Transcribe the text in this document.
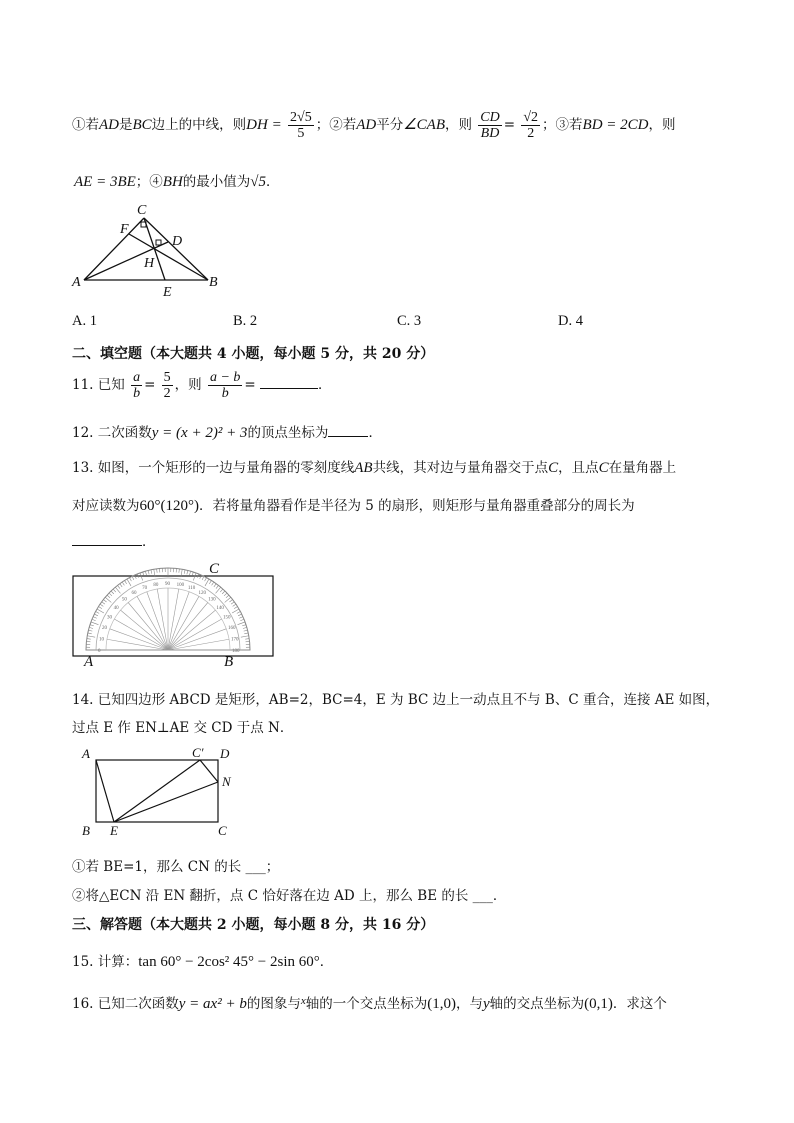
①若AD是BC边上的中线，则DH = $\frac{2√5}{5}$ ；②若AD平分∠CAB，则 $\frac{CD}{BD} = \frac{√2}{2}$ ；③若BD = 2CD，则
AE = 3BE；④BH的最小值为√5．
C
F
D
H
A	B
E
A. 1	B. 2	C. 3	D. 4
二、填空题（本大题共 4 小题，每小题 5 分，共 20 分）
11. 已知 $\frac{a}{b} = \frac{5}{2}$ ，则 $\frac{a - b}{b}$ =	．
12. 二次函数y = (x + 2)² + 3的顶点坐标为	．
13. 如图，一个矩形的一边与量角器的零刻度线AB共线，其对边与量角器交于点C，且点C在量角器上
对应读数为60°(120°)．若将量角器看作是半径为 5 的扇形，则矩形与量角器重叠部分的周长为
．
0
10
20
30
40
50
60
70
80 90 100
110
120
130
140
150
160
170
180
C
A	B
14. 已知四边形 ABCD 是矩形，AB=2，BC=4，E 为 BC 边上一动点且不与 B、C 重合，连接 AE 如图，
过点 E 作 EN⊥AE 交 CD 于点 N．
A	C′ D
N
B E	C
①若 BE=1，那么 CN 的长 ___；
②将△ECN 沿 EN 翻折，点 C 恰好落在边 AD 上，那么 BE 的长 ___．
三、解答题（本大题共 2 小题，每小题 8 分，共 16 分）
15. 计算：tan 60° − 2cos² 45° − 2sin 60°．
16. 已知二次函数y = ax² + b的图象与$^x$轴的一个交点坐标为(1,0)，与y轴的交点坐标为(0,1)．求这个
